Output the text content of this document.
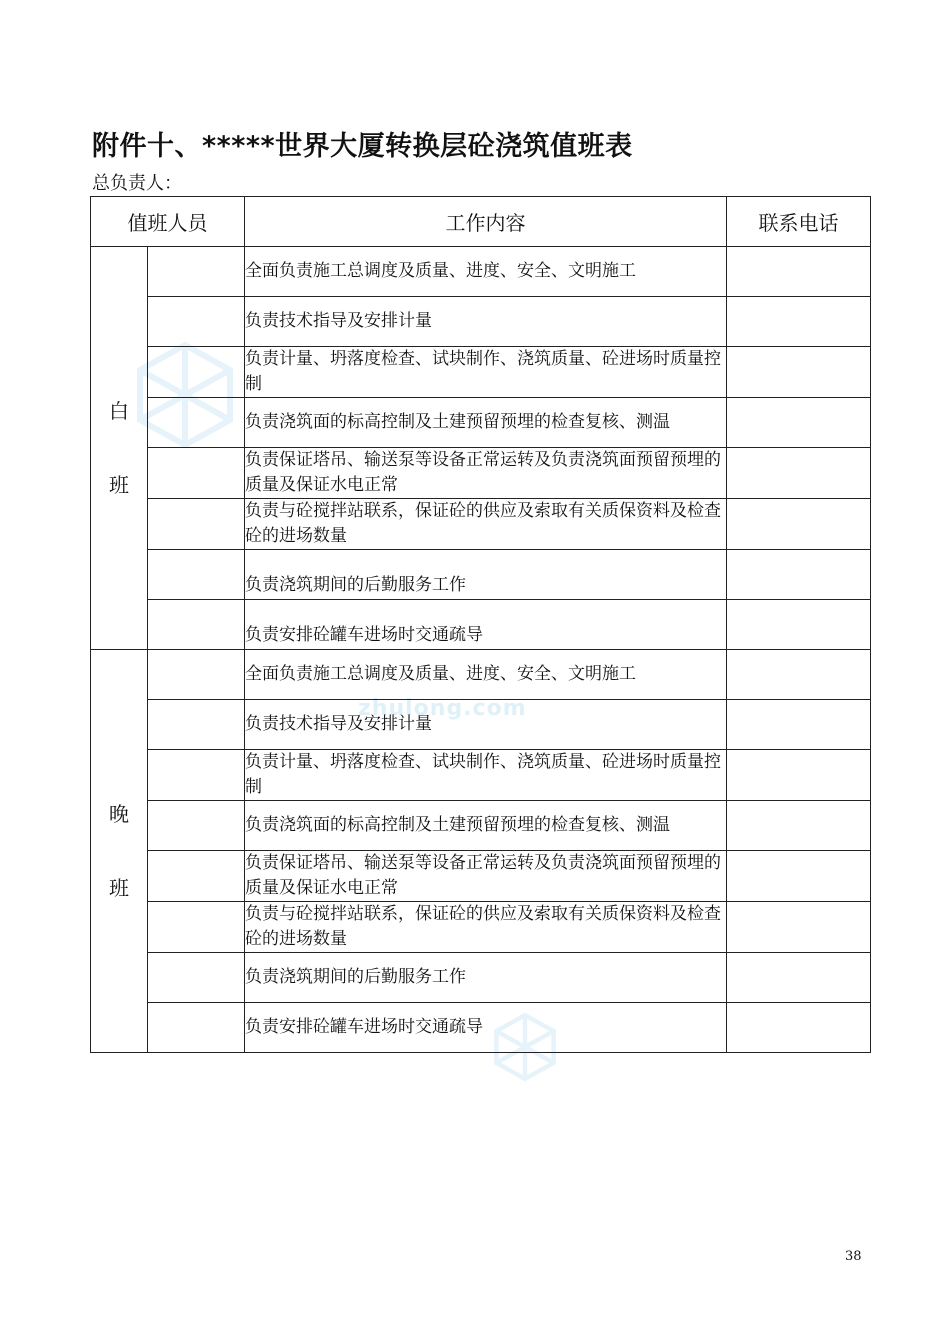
zhulong.com
附件十、*****世界大厦转换层砼浇筑值班表
总负责人：
值班人员		工作内容	联系电话

白
班		全面负责施工总调度及质量、进度、安全、文明施工	
		负责技术指导及安排计量	
		负责计量、坍落度检查、试块制作、浇筑质量、砼进场时质量控制	
		负责浇筑面的标高控制及土建预留预埋的检查复核、测温	
		负责保证塔吊、输送泵等设备正常运转及负责浇筑面预留预埋的质量及保证水电正常	
		负责与砼搅拌站联系，保证砼的供应及索取有关质保资料及检查砼的进场数量	
		负责浇筑期间的后勤服务工作	
		负责安排砼罐车进场时交通疏导	

晚
班		全面负责施工总调度及质量、进度、安全、文明施工	
		负责技术指导及安排计量	
		负责计量、坍落度检查、试块制作、浇筑质量、砼进场时质量控制	
		负责浇筑面的标高控制及土建预留预埋的检查复核、测温	
		负责保证塔吊、输送泵等设备正常运转及负责浇筑面预留预埋的质量及保证水电正常	
		负责与砼搅拌站联系，保证砼的供应及索取有关质保资料及检查砼的进场数量	
		负责浇筑期间的后勤服务工作	
		负责安排砼罐车进场时交通疏导	
38
